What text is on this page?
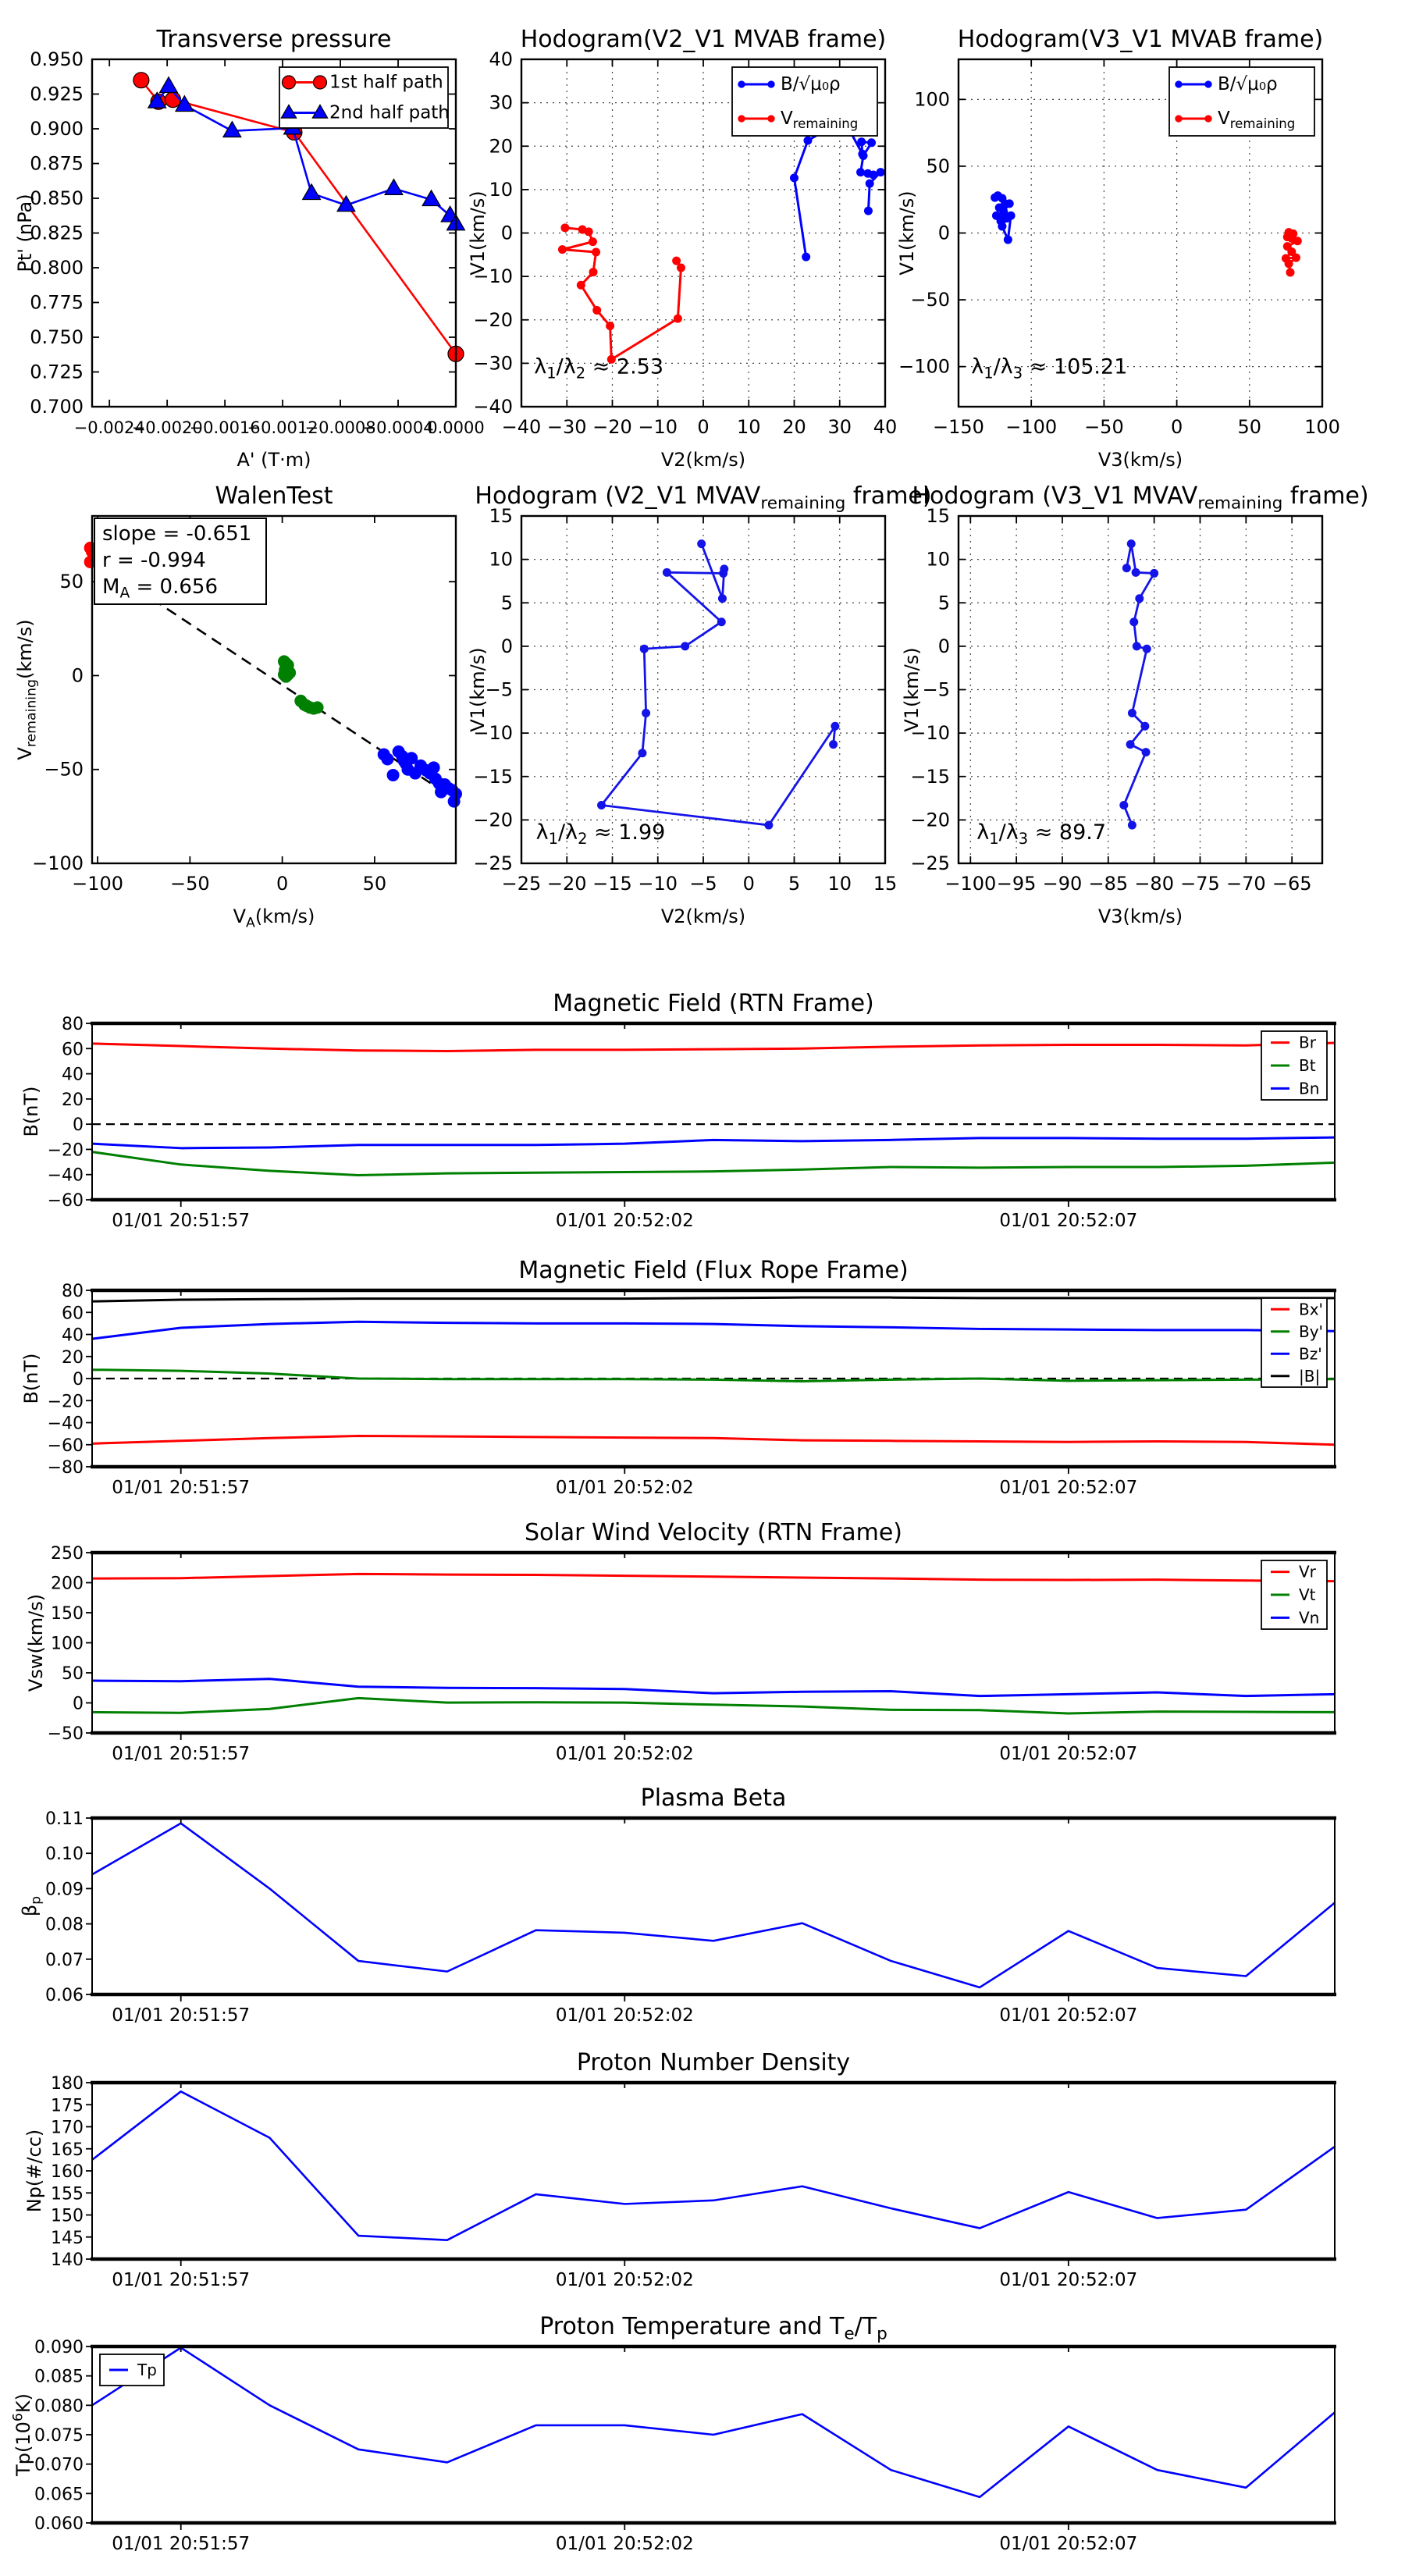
−0.0024
−0.0020
−0.0016
−0.0012
−0.0008
−0.0004
0.0000
0.700
0.725
0.750
0.775
0.800
0.825
0.850
0.875
0.900
0.925
0.950
Transverse pressure
A' (T·m)
Pt' (nPa)
1st half path
2nd half path
−40 −30 −20 −10 0 10 20 30 40
−40
−30
−20
−10
0
10
20
30
40
Hodogram(V2_V1 MVAB frame)
V2(km/s)
V1(km/s)
$\lambda_1/\lambda_2 \approx 2.53$
B/√μ₀ρ
$V_{remaining}$
−150 −100 −50	0	50 100
−100
−50
0
50
100
Hodogram(V3_V1 MVAB frame)
V3(km/s)
V1(km/s)
$\lambda_1/\lambda_3 \approx 105.21$
B/√μ₀ρ
$V_{remaining}$
−100 −50	0	50
−100
−50
0
50
WalenTest
$V_A(km/s)$
$V_{remaining}(km/s)$
slope = -0.651
r = -0.994
$M_A = 0.656$
−25 −20 −15 −10 −5 0 5 10 15
−25
−20
−15
−10
−5
0
5
10
15
Hodogram (V2_V1 $MVAV_{remaining}$ frame)
V2(km/s)
V1(km/s)
$\lambda_1/\lambda_2 \approx 1.99$
−100 −95 −90 −85 −80 −75 −70 −65
−25
−20
−15
−10
−5
0
5
10
15
Hodogram (V3_V1 $MVAV_{remaining}$ frame)
V3(km/s)
V1(km/s)
$\lambda_1/\lambda_3 \approx 89.7$
01/01 20:51:57	01/01 20:52:02	01/01 20:52:07
−60
−40
−20
0
20
40
60
80
Magnetic Field (RTN Frame)
B(nT)
Br
Bt
Bn
01/01 20:51:57	01/01 20:52:02	01/01 20:52:07
−80
−60
−40
−20
0
20
40
60
80
Magnetic Field (Flux Rope Frame)
B(nT)
Bx'
By'
Bz'
|B|
01/01 20:51:57	01/01 20:52:02	01/01 20:52:07
−50
0
50
100
150
200
250
Solar Wind Velocity (RTN Frame)
Vsw(km/s)
Vr
Vt
Vn
01/01 20:51:57	01/01 20:52:02	01/01 20:52:07
0.06
0.07
0.08
0.09
0.10
0.11
Plasma Beta
$\beta_p$
01/01 20:51:57	01/01 20:52:02	01/01 20:52:07
140
145
150
155
160
165
170
175
180
Proton Number Density
Np(#/cc)
01/01 20:51:57	01/01 20:52:02	01/01 20:52:07
0.060
0.065
0.070
0.075
0.080
0.085
0.090
Proton Temperature and $T_e/T_p$
$Tp(10^6K)$
Tp
